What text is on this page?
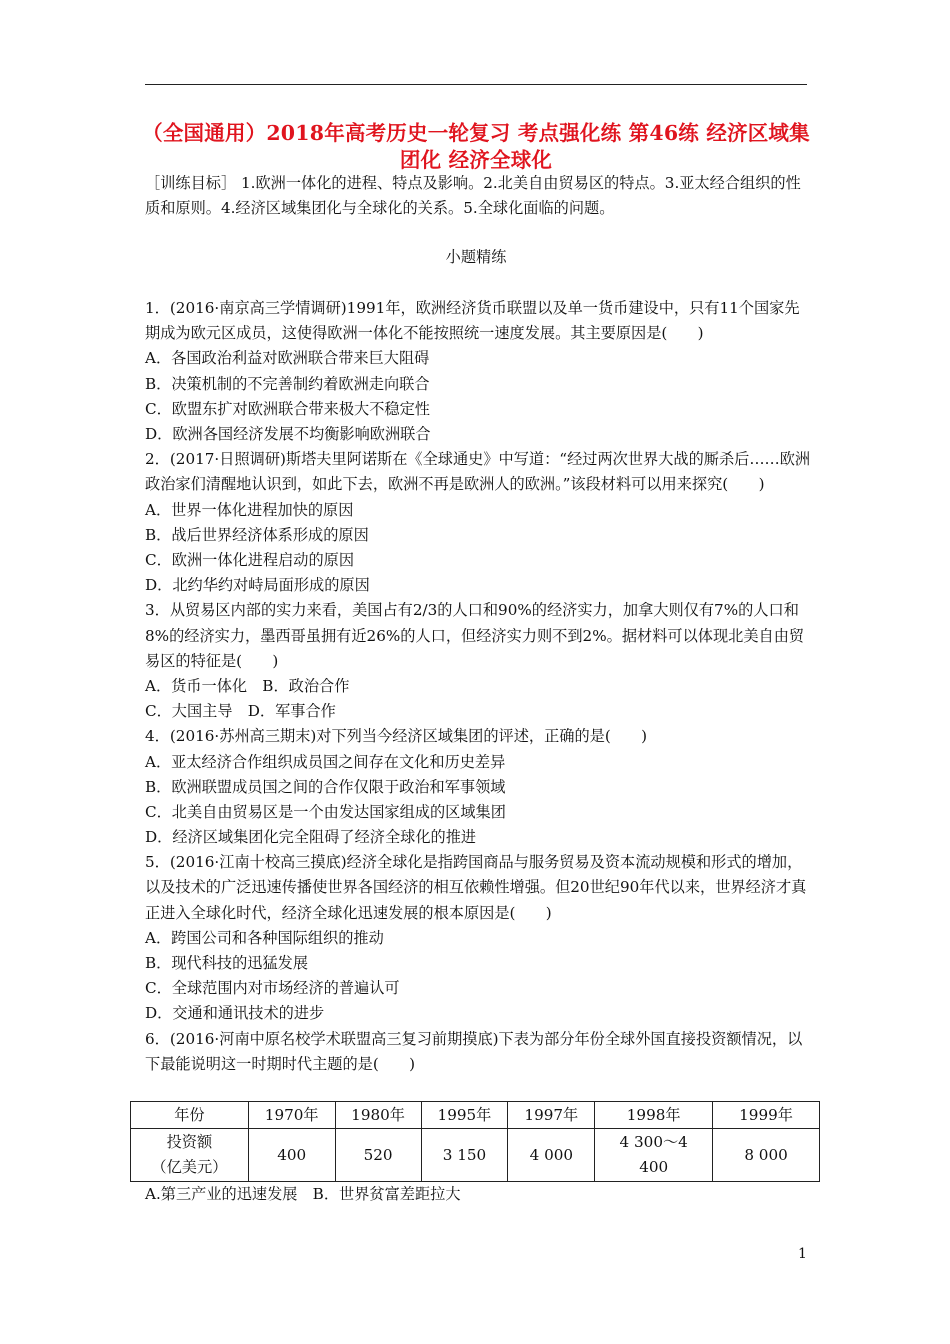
（全国通用）2018年高考历史一轮复习 考点强化练 第46练 经济区域集团化 经济全球化
［训练目标］ 1.欧洲一体化的进程、特点及影响。2.北美自由贸易区的特点。3.亚太经合组织的性质和原则。4.经济区域集团化与全球化的关系。5.全球化面临的问题。
小题精练
1．(2016·南京高三学情调研)1991年，欧洲经济货币联盟以及单一货币建设中，只有11个国家先期成为欧元区成员，这使得欧洲一体化不能按照统一速度发展。其主要原因是(　　)
A．各国政治利益对欧洲联合带来巨大阻碍
B．决策机制的不完善制约着欧洲走向联合
C．欧盟东扩对欧洲联合带来极大不稳定性
D．欧洲各国经济发展不均衡影响欧洲联合
2．(2017·日照调研)斯塔夫里阿诺斯在《全球通史》中写道：“经过两次世界大战的厮杀后……欧洲政治家们清醒地认识到，如此下去，欧洲不再是欧洲人的欧洲。”该段材料可以用来探究(　　)
A．世界一体化进程加快的原因
B．战后世界经济体系形成的原因
C．欧洲一体化进程启动的原因
D．北约华约对峙局面形成的原因
3．从贸易区内部的实力来看，美国占有2/3的人口和90%的经济实力，加拿大则仅有7%的人口和8%的经济实力，墨西哥虽拥有近26%的人口，但经济实力则不到2%。据材料可以体现北美自由贸易区的特征是(　　)
A．货币一体化　B．政治合作
C．大国主导　D．军事合作
4．(2016·苏州高三期末)对下列当今经济区域集团的评述，正确的是(　　)
A．亚太经济合作组织成员国之间存在文化和历史差异
B．欧洲联盟成员国之间的合作仅限于政治和军事领域
C．北美自由贸易区是一个由发达国家组成的区域集团
D．经济区域集团化完全阻碍了经济全球化的推进
5．(2016·江南十校高三摸底)经济全球化是指跨国商品与服务贸易及资本流动规模和形式的增加，以及技术的广泛迅速传播使世界各国经济的相互依赖性增强。但20世纪90年代以来，世界经济才真正进入全球化时代，经济全球化迅速发展的根本原因是(　　)
A．跨国公司和各种国际组织的推动
B．现代科技的迅猛发展
C．全球范围内对市场经济的普遍认可
D．交通和通讯技术的进步
6．(2016·河南中原名校学术联盟高三复习前期摸底)下表为部分年份全球外国直接投资额情况，以下最能说明这一时期时代主题的是(　　)
年份	1970年	1980年	1995年	1997年	1998年	1999年

投资额
（亿美元）	400	520	3 150	4 000	4 300～4 400	8 000
A.第三产业的迅速发展　B．世界贫富差距拉大
1
